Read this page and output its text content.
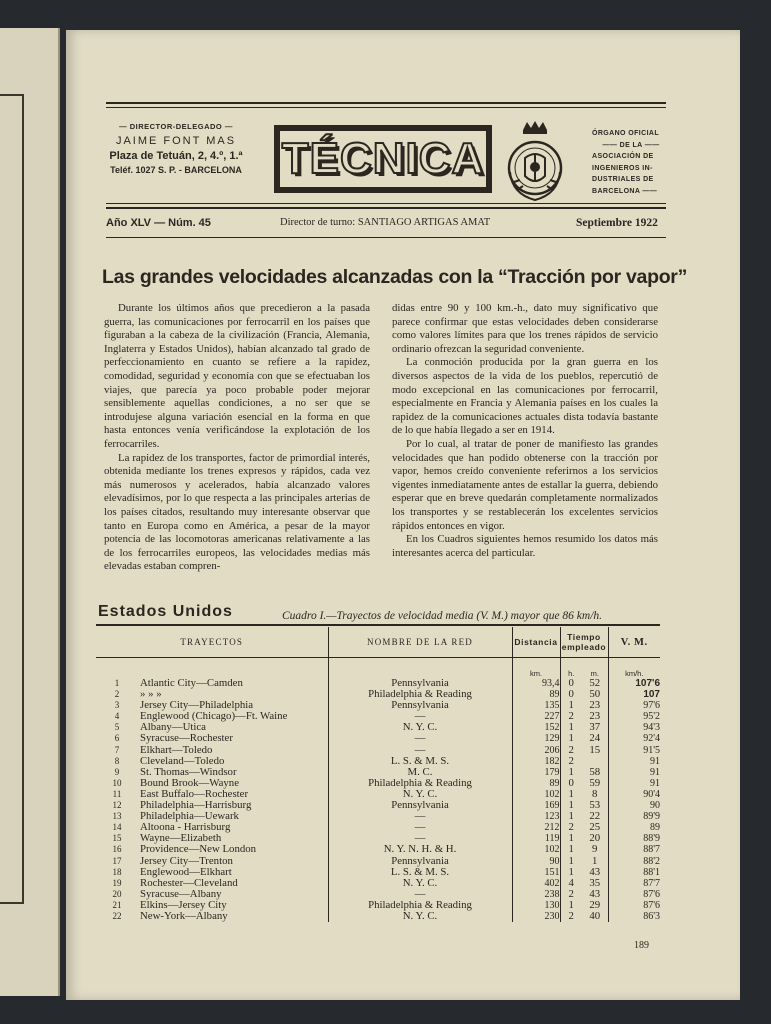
— DIRECTOR-DELEGADO —
JAIME FONT MAS
Plaza de Tetuán, 2, 4.º, 1.ª
Teléf. 1027 S. P. - BARCELONA TÉCNICA
ÓRGANO OFICIAL
—— DE LA ——
ASOCIACIÓN DE
INGENIEROS IN-
DUSTRIALES DE
BARCELONA ——
Año XLV — Núm. 45	Director de turno: SANTIAGO ARTIGAS AMAT	Septiembre 1922
Las grandes velocidades alcanzadas con la “Tracción por vapor”

Durante los últimos años que precedieron a la pasada guerra, las comunicaciones por ferrocarril en los países que figuraban a la cabeza de la civilización (Francia, Alemania, Inglaterra y Estados Unidos), habían alcanzado tal grado de perfeccionamiento en cuanto se refiere a la rapidez, comodidad, seguridad y economía con que se efectuaban los viajes, que parecía ya poco probable poder mejorar sensiblemente aquellas condiciones, a no ser que se introdujese alguna variación esencial en la forma en que hasta entonces venía verificándose la explotación de los ferrocarriles.

La rapidez de los transportes, factor de primordial interés, obtenida mediante los trenes expresos y rápidos, cada vez más numerosos y acelerados, había alcanzado valores elevadísimos, por lo que respecta a las principales arterias de los países citados, resultando muy interesante observar que tanto en Europa como en América, a pesar de la mayor potencia de las locomotoras americanas relativamente a las de los ferrocarriles europeos, las velocidades medias más elevadas estaban compren-

didas entre 90 y 100 km.-h., dato muy significativo que parece confirmar que estas velocidades deben considerarse como valores límites para que los trenes rápidos de servicio ordinario ofrezcan la seguridad conveniente.

La conmoción producida por la gran guerra en los diversos aspectos de la vida de los pueblos, repercutió de modo excepcional en las comunicaciones por ferrocarril, especialmente en Francia y Alemania países en los cuales la rapidez de la comunicaciones actuales dista todavía bastante de lo que había llegado a ser en 1914.

Por lo cual, al tratar de poner de manifiesto las grandes velocidades que han podido obtenerse con la tracción por vapor, hemos creído conveniente referirnos a los servicios vigentes inmediatamente antes de estallar la guerra, debiendo esperar que en breve quedarán completamente normalizados los transportes y se restablecerán los excelentes servicios rápidos entonces en vigor.

En los Cuadros siguientes hemos resumido los datos más interesantes acerca del particular.

Estados Unidos	Cuadro I.—Trayectos de velocidad media (V. M.) mayor que 86 km/h.
TRAYECTOS		NOMBRE DE LA RED	Distancia	Tiempo empleado		V. M.
			km.	h.	m.	km/h.
1	Atlantic City—Camden	Pennsylvania	93,4	0	52	107'6
2	» » »	Philadelphia & Reading	89	0	50	107
3	Jersey City—Philadelphia	Pennsylvania	135	1	23	97'6
4	Englewood (Chicago)—Ft. Waine	—	227	2	23	95'2
5	Albany—Utica	N. Y. C.	152	1	37	94'3
6	Syracuse—Rochester	—	129	1	24	92'4
7	Elkhart—Toledo	—	206	2	15	91'5
8	Cleveland—Toledo	L. S. & M. S.	182	2		91
9	St. Thomas—Windsor	M. C.	179	1	58	91
10	Bound Brook—Wayne	Philadelphia & Reading	89	0	59	91
11	East Buffalo—Rochester	N. Y. C.	102	1	8	90'4
12	Philadelphia—Harrisburg	Pennsylvania	169	1	53	90
13	Philadelphia—Uewark	—	123	1	22	89'9
14	Altoona - Harrisburg	—	212	2	25	89
15	Wayne—Elizabeth	—	119	1	20	88'9
16	Providence—New London	N. Y. N. H. & H.	102	1	9	88'7
17	Jersey City—Trenton	Pennsylvania	90	1	1	88'2
18	Englewood—Elkhart	L. S. & M. S.	151	1	43	88'1
19	Rochester—Cleveland	N. Y. C.	402	4	35	87'7
20	Syracuse—Albany	—	238	2	43	87'6
21	Elkins—Jersey City	Philadelphia & Reading	130	1	29	87'6
22	New-York—Albany	N. Y. C.	230	2	40	86'3
189
